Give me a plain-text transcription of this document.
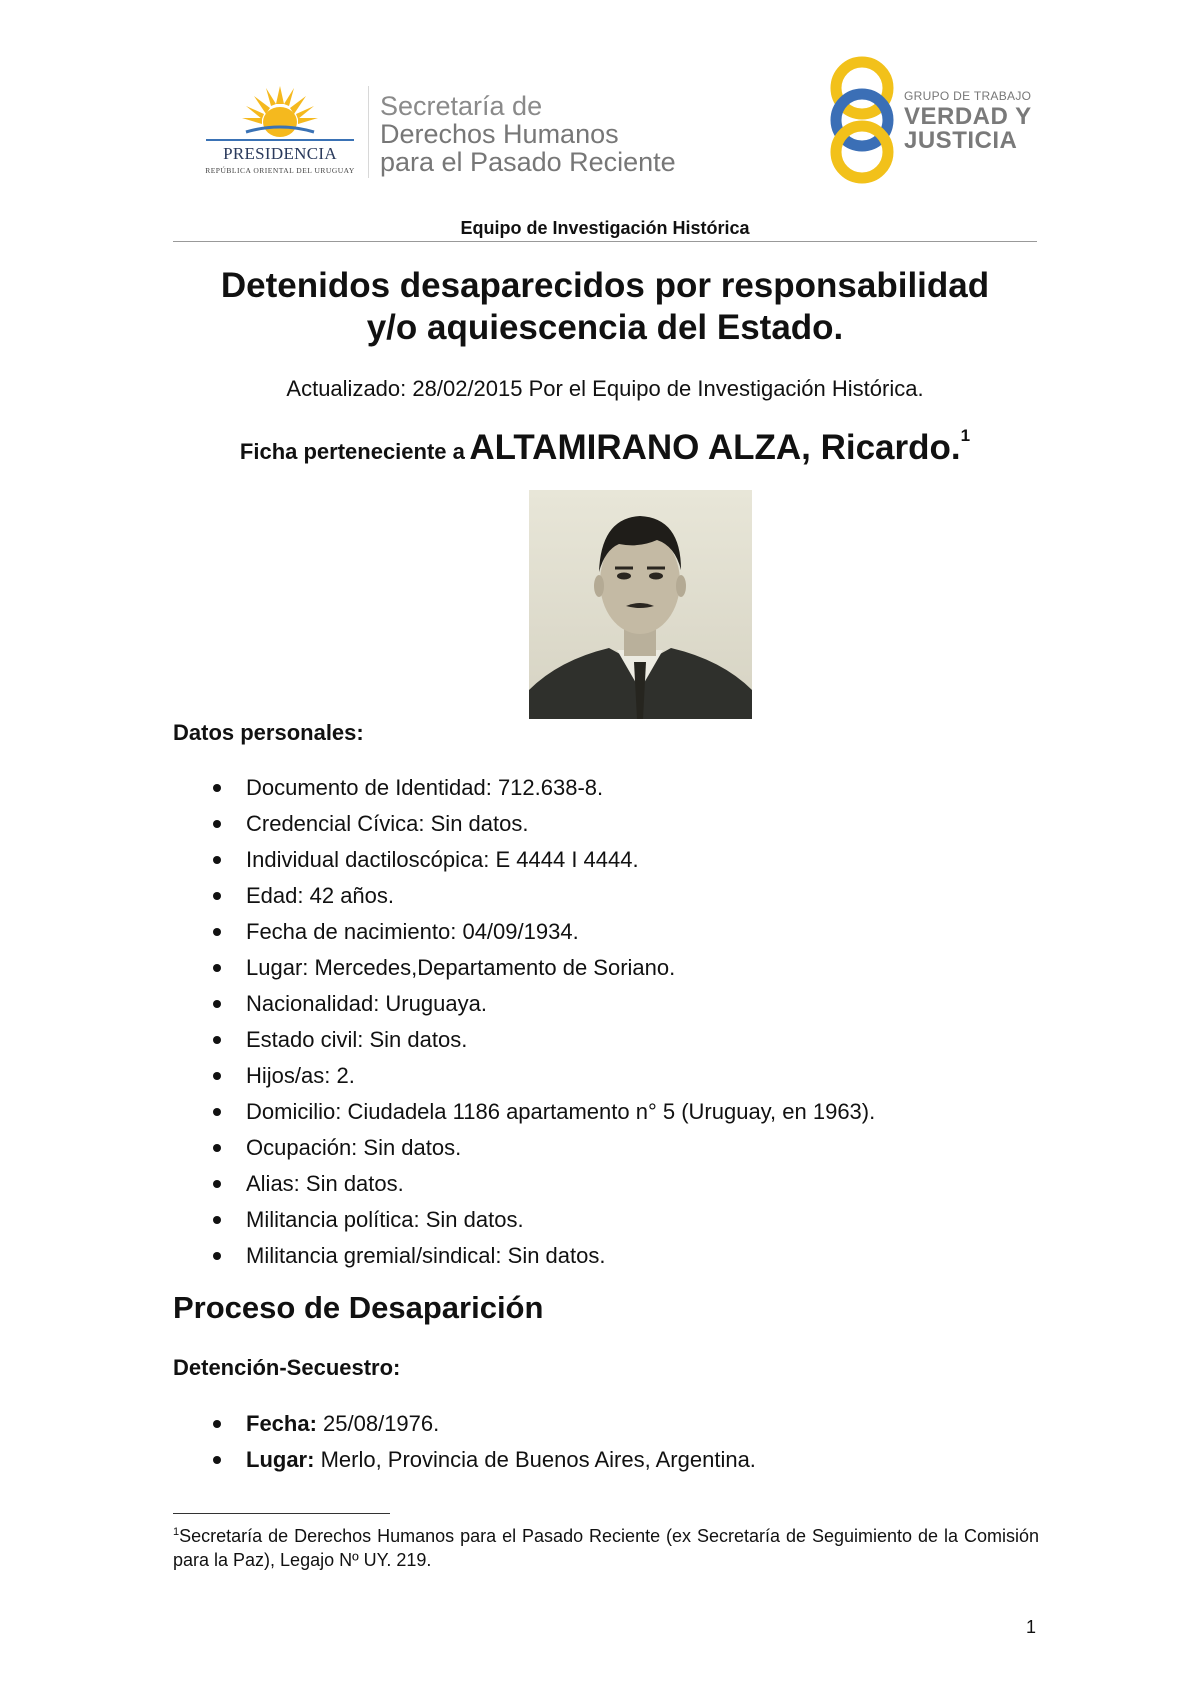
PRESIDENCIA
REPÚBLICA ORIENTAL DEL URUGUAY
Secretaría de
Derechos Humanos
para el Pasado Reciente
GRUPO DE TRABAJO
VERDAD Y
JUSTICIA
Equipo de Investigación Histórica
Detenidos desaparecidos por responsabilidad
y/o aquiescencia del Estado.
Actualizado: 28/02/2015 Por el Equipo de Investigación Histórica.
Ficha perteneciente a ALTAMIRANO ALZA, Ricardo.$^1$
Datos personales:
Documento de Identidad: 712.638-8.
Credencial Cívica: Sin datos.
Individual dactiloscópica: E 4444 I 4444.
Edad: 42 años.
Fecha de nacimiento: 04/09/1934.
Lugar: Mercedes,Departamento de Soriano.
Nacionalidad: Uruguaya.
Estado civil: Sin datos.
Hijos/as: 2.
Domicilio: Ciudadela 1186 apartamento n° 5 (Uruguay, en 1963).
Ocupación: Sin datos.
Alias: Sin datos.
Militancia política: Sin datos.
Militancia gremial/sindical: Sin datos.
Proceso de Desaparición
Detención-Secuestro:
Fecha: 25/08/1976.
Lugar: Merlo, Provincia de Buenos Aires, Argentina.
$^1$Secretaría de Derechos Humanos para el Pasado Reciente (ex Secretaría de Seguimiento de la Comisión para la Paz), Legajo Nº UY. 219.
1
